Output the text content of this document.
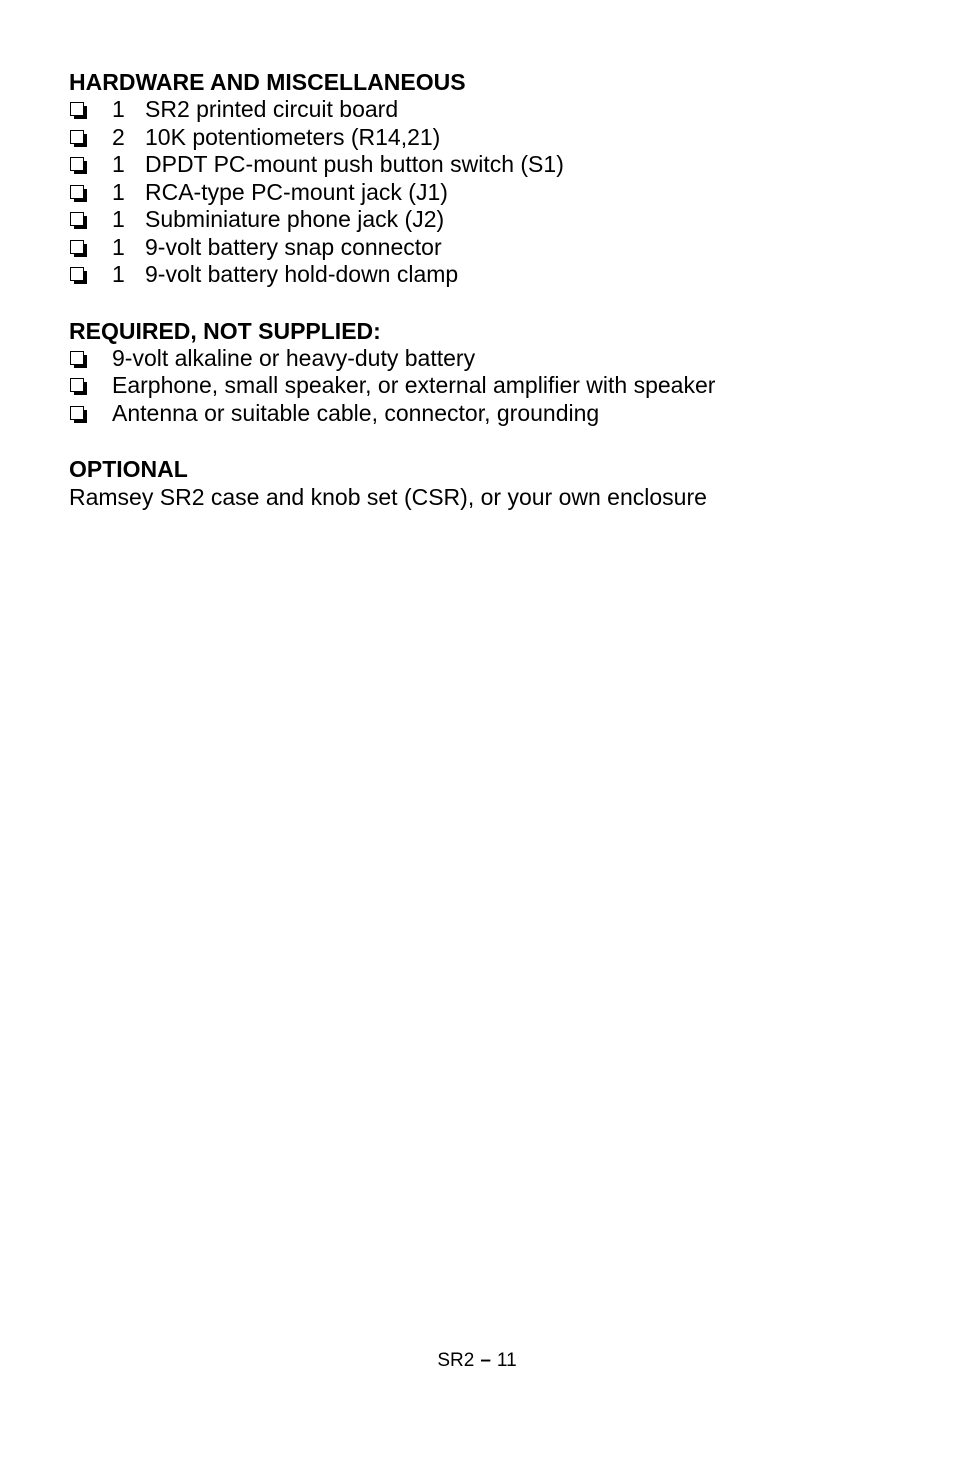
HARDWARE AND MISCELLANEOUS
1 SR2 printed circuit board
2 10K potentiometers (R14,21)
1 DPDT PC-mount push button switch (S1)
1 RCA-type PC-mount jack (J1)
1 Subminiature phone jack (J2)
1 9-volt battery snap connector
1 9-volt battery hold-down clamp
REQUIRED, NOT SUPPLIED:
9-volt alkaline or heavy-duty battery
Earphone, small speaker, or external amplifier with speaker
Antenna or suitable cable, connector, grounding
OPTIONAL
Ramsey SR2 case and knob set (CSR), or your own enclosure
SR2 – 11
